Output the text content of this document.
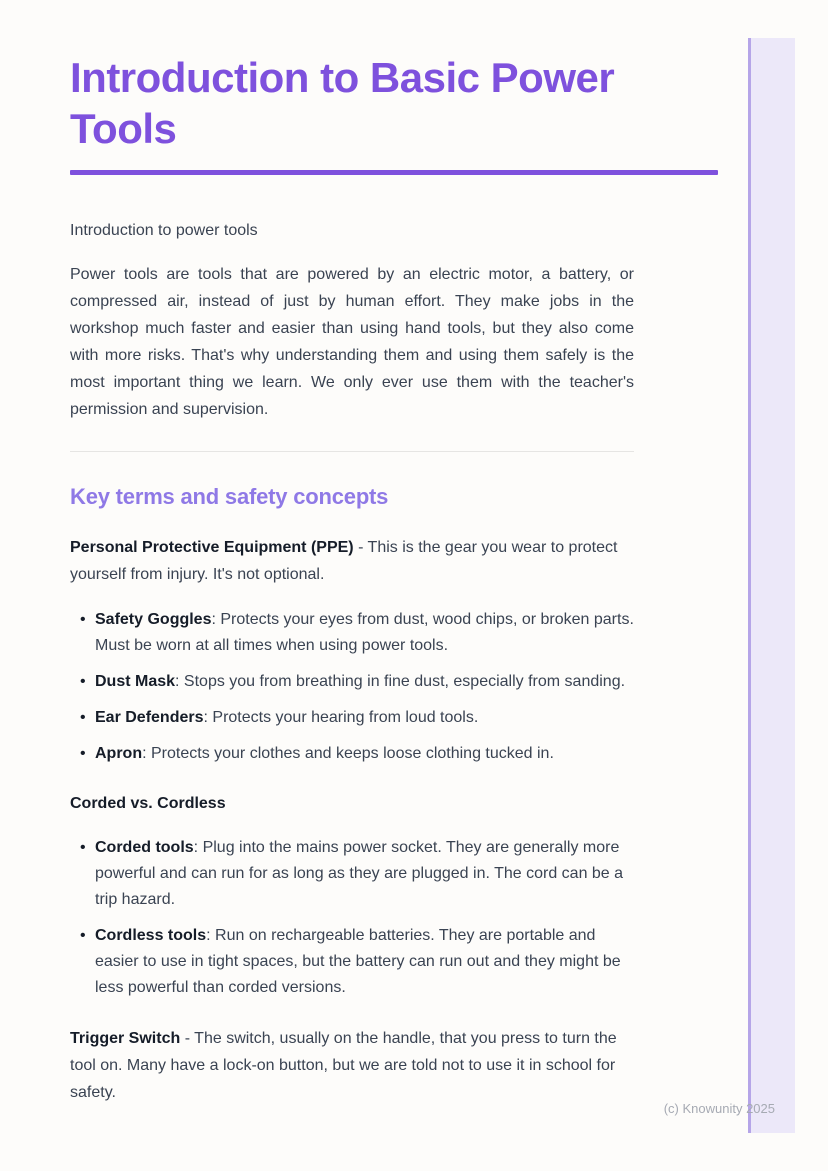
Introduction to Basic Power Tools

Introduction to power tools

Power tools are tools that are powered by an electric motor, a battery, or compressed air, instead of just by human effort. They make jobs in the workshop much faster and easier than using hand tools, but they also come with more risks. That's why understanding them and using them safely is the most important thing we learn. We only ever use them with the teacher's permission and supervision.

Key terms and safety concepts

Personal Protective Equipment (PPE) - This is the gear you wear to protect yourself from injury. It's not optional.

• Safety Goggles: Protects your eyes from dust, wood chips, or broken parts. Must be worn at all times when using power tools.
• Dust Mask: Stops you from breathing in fine dust, especially from sanding.
• Ear Defenders: Protects your hearing from loud tools.
• Apron: Protects your clothes and keeps loose clothing tucked in.

Corded vs. Cordless

• Corded tools: Plug into the mains power socket. They are generally more powerful and can run for as long as they are plugged in. The cord can be a trip hazard.
• Cordless tools: Run on rechargeable batteries. They are portable and easier to use in tight spaces, but the battery can run out and they might be less powerful than corded versions.

Trigger Switch - The switch, usually on the handle, that you press to turn the tool on. Many have a lock-on button, but we are told not to use it in school for safety.

(c) Knowunity 2025
